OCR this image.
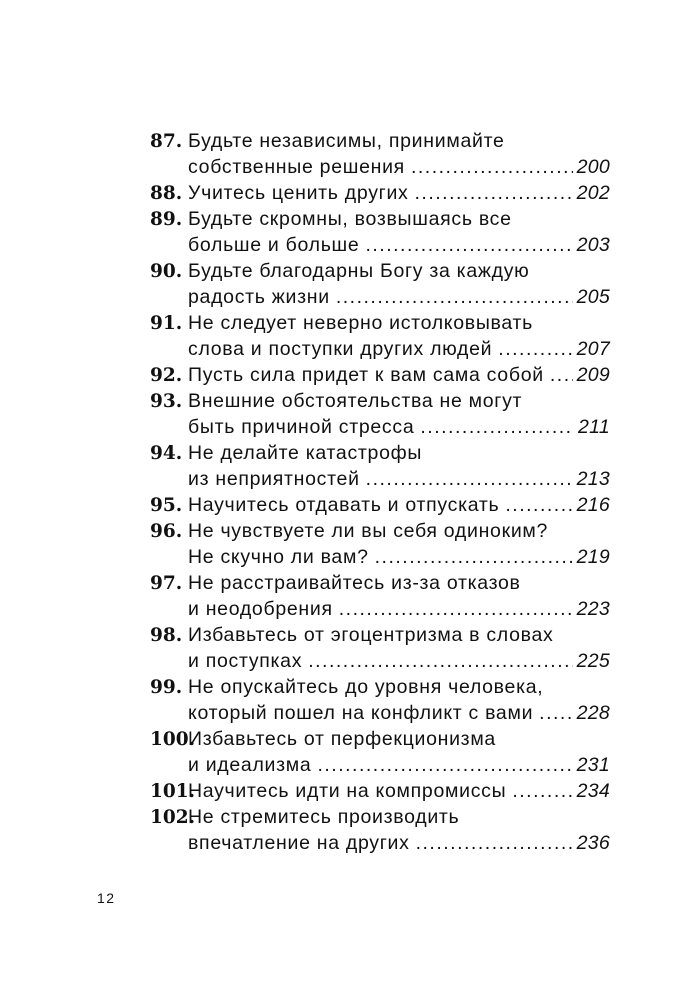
87. Будьте независимы, принимайте
собственные решения .....	200
88. Учитесь ценить других .....	202
89. Будьте скромны, возвышаясь все
больше и больше .....	203
90. Будьте благодарны Богу за каждую
радость жизни .....	205
91. Не следует неверно истолковывать
слова и поступки других людей .....	207
92. Пусть сила придет к вам сама собой ..... 209
93. Внешние обстоятельства не могут
быть причиной стресса .....	211
94. Не делайте катастрофы
из неприятностей .....	213
95. Научитесь отдавать и отпускать .....	216
96. Не чувствуете ли вы себя одиноким?
Не скучно ли вам? .....	219
97. Не расстраивайтесь из-за отказов
и неодобрения .....	223
98. Избавьтесь от эгоцентризма в словах
и поступках .....	225
99. Не опускайтесь до уровня человека,
который пошел на конфликт с вами ..... 228
100.
Избавьтесь от перфекционизма
и идеализма .....	231
101.
Научитесь идти на компромиссы .....	234
102.
Не стремитесь производить
впечатление на других .....	236
12
